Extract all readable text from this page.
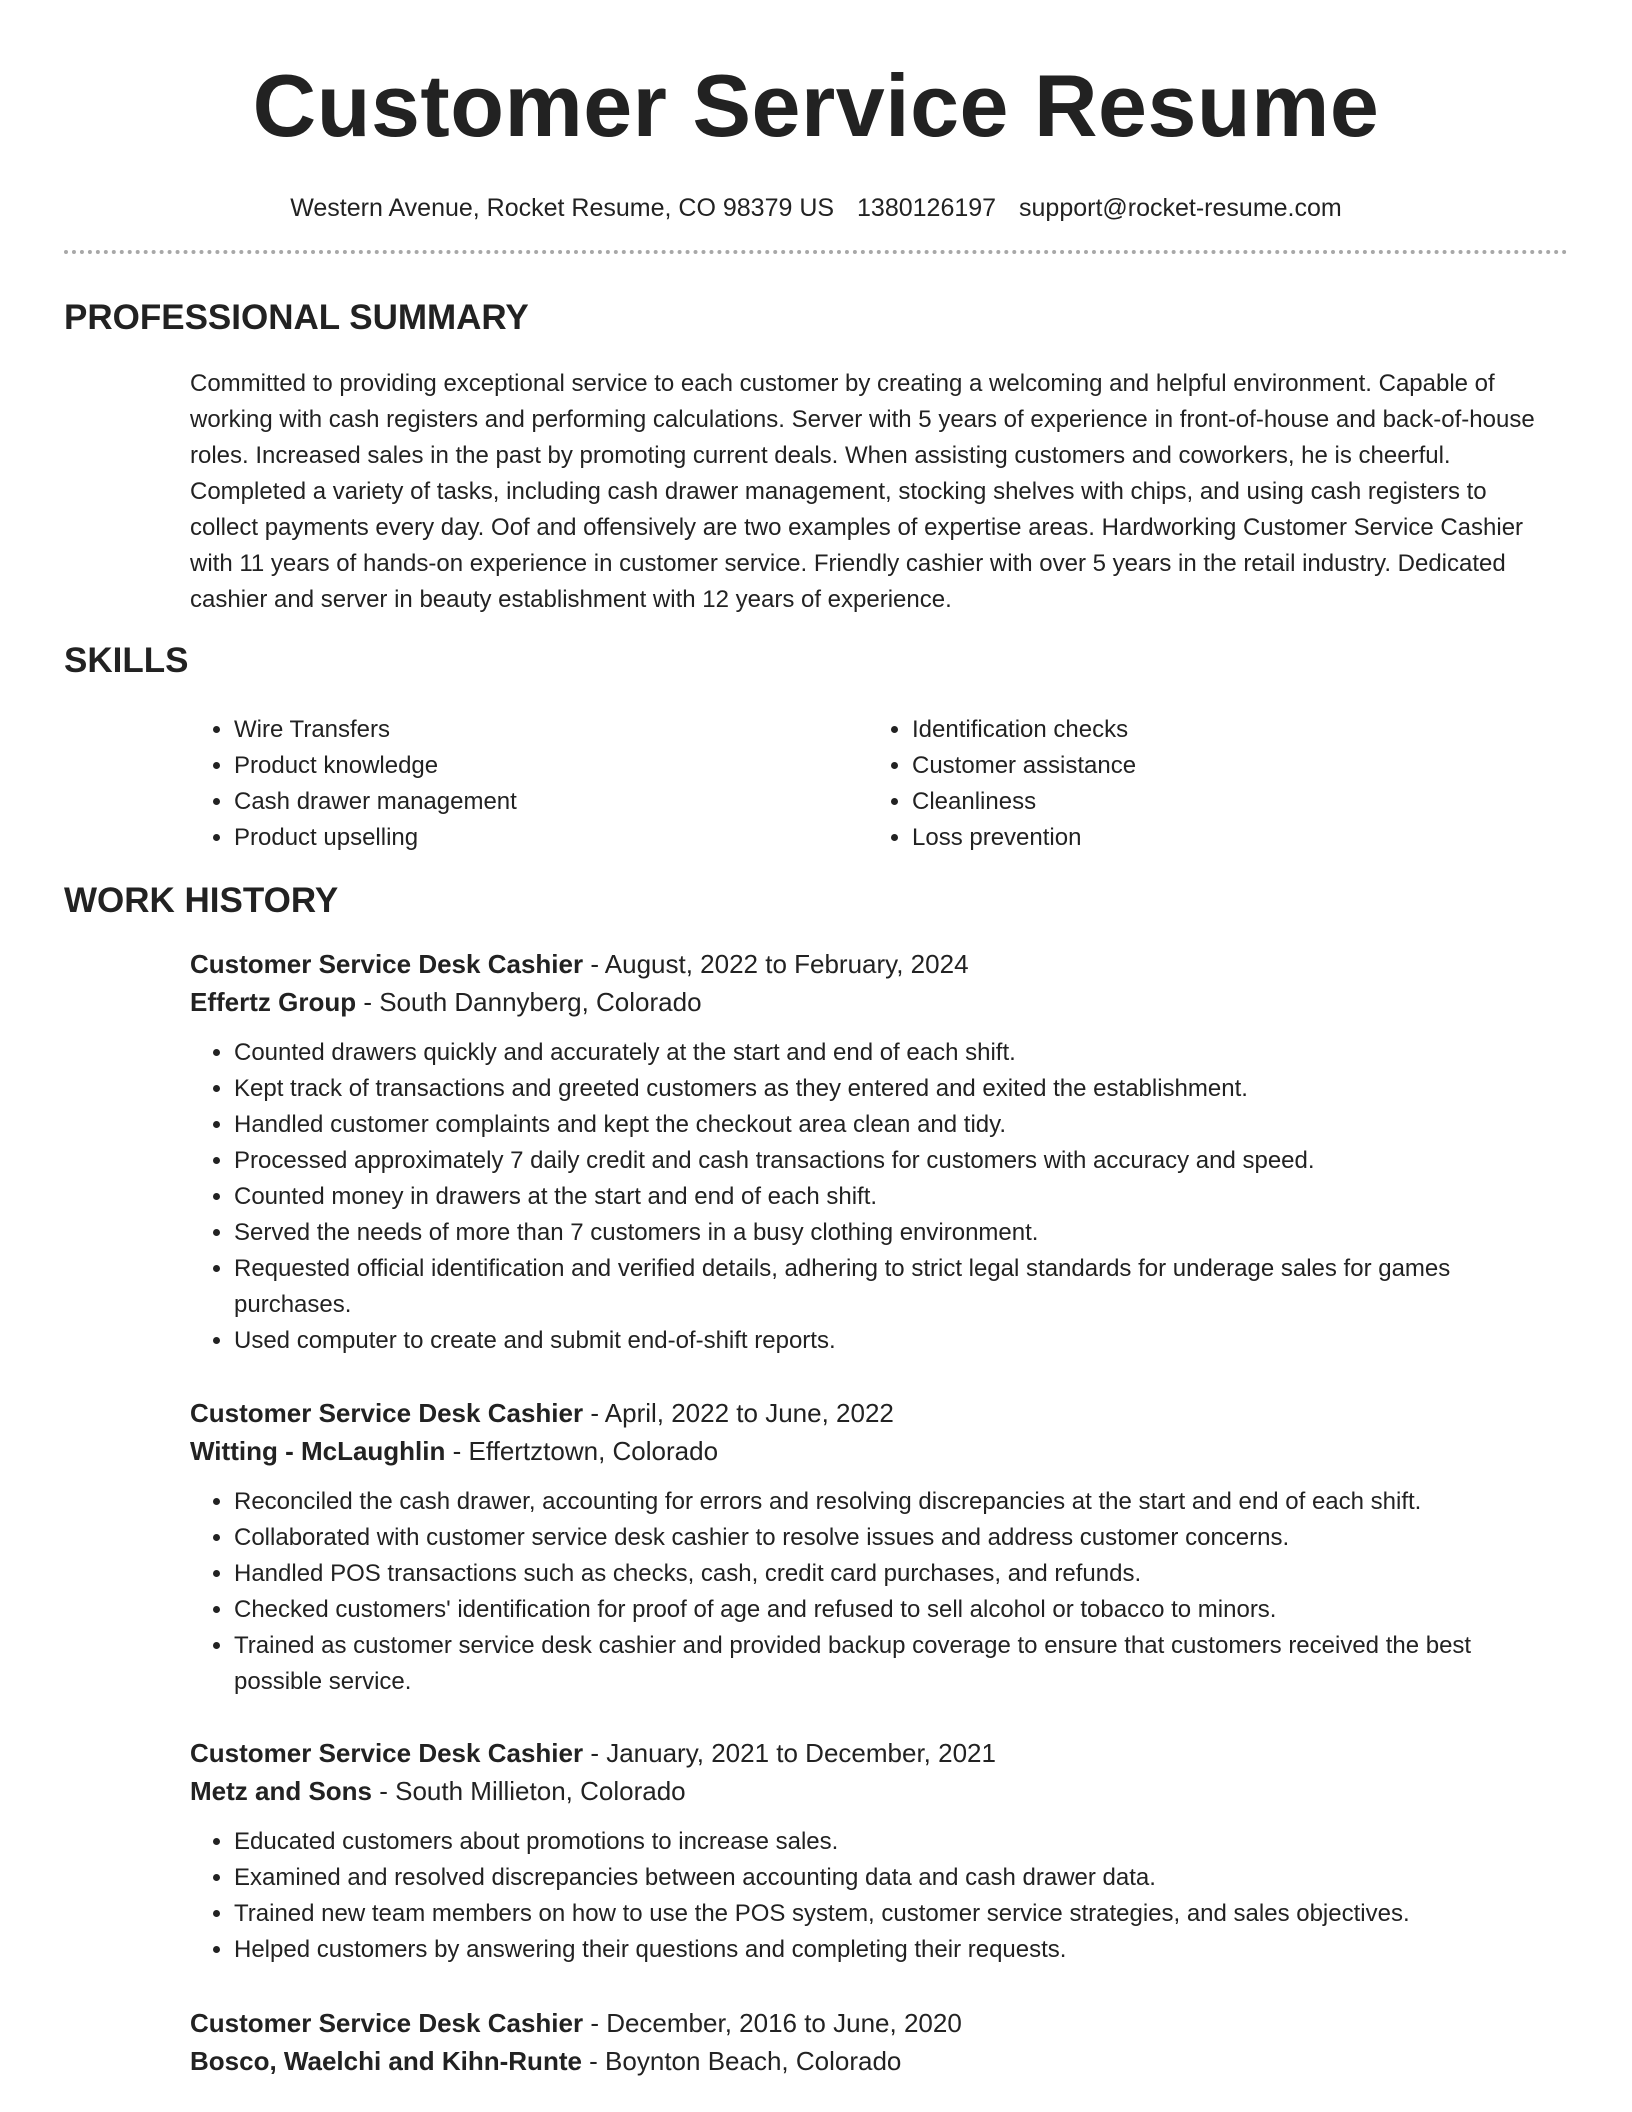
Customer Service Resume
Western Avenue, Rocket Resume, CO 98379 US 1380126197 support@rocket-resume.com
PROFESSIONAL SUMMARY

Committed to providing exceptional service to each customer by creating a welcoming and helpful environment. Capable of working with cash registers and performing calculations. Server with 5 years of experience in front-of-house and back-of-house roles. Increased sales in the past by promoting current deals. When assisting customers and coworkers, he is cheerful. Completed a variety of tasks, including cash drawer management, stocking shelves with chips, and using cash registers to collect payments every day. Oof and offensively are two examples of expertise areas. Hardworking Customer Service Cashier with 11 years of hands-on experience in customer service. Friendly cashier with over 5 years in the retail industry. Dedicated cashier and server in beauty establishment with 12 years of experience.

SKILLS
• Wire Transfers
• Product knowledge
• Cash drawer management
• Product upselling
• Identification checks
• Customer assistance
• Cleanliness
• Loss prevention
WORK HISTORY
Customer Service Desk Cashier - August, 2022 to February, 2024
Effertz Group - South Dannyberg, Colorado
• Counted drawers quickly and accurately at the start and end of each shift.
• Kept track of transactions and greeted customers as they entered and exited the establishment.
• Handled customer complaints and kept the checkout area clean and tidy.
• Processed approximately 7 daily credit and cash transactions for customers with accuracy and speed.
• Counted money in drawers at the start and end of each shift.
• Served the needs of more than 7 customers in a busy clothing environment.
• Requested official identification and verified details, adhering to strict legal standards for underage sales for games purchases.
• Used computer to create and submit end-of-shift reports.
Customer Service Desk Cashier - April, 2022 to June, 2022
Witting - McLaughlin - Effertztown, Colorado
• Reconciled the cash drawer, accounting for errors and resolving discrepancies at the start and end of each shift.
• Collaborated with customer service desk cashier to resolve issues and address customer concerns.
• Handled POS transactions such as checks, cash, credit card purchases, and refunds.
• Checked customers' identification for proof of age and refused to sell alcohol or tobacco to minors.
• Trained as customer service desk cashier and provided backup coverage to ensure that customers received the best possible service.
Customer Service Desk Cashier - January, 2021 to December, 2021
Metz and Sons - South Millieton, Colorado
• Educated customers about promotions to increase sales.
• Examined and resolved discrepancies between accounting data and cash drawer data.
• Trained new team members on how to use the POS system, customer service strategies, and sales objectives.
• Helped customers by answering their questions and completing their requests.
Customer Service Desk Cashier - December, 2016 to June, 2020
Bosco, Waelchi and Kihn-Runte - Boynton Beach, Colorado
